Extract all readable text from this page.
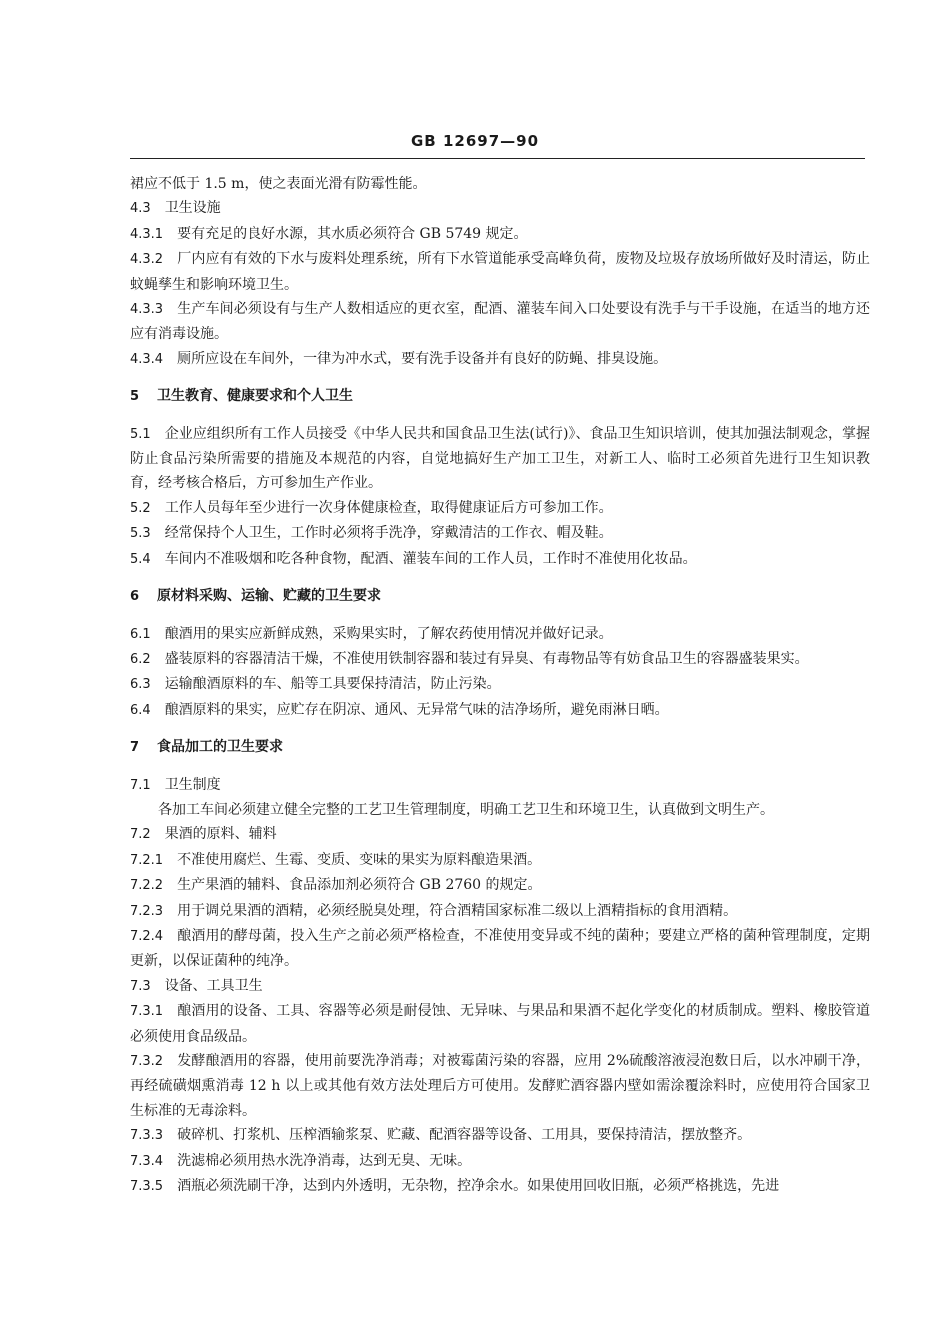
GB 12697—90
裙应不低于 1.5 m，使之表面光滑有防霉性能。
4.3 卫生设施
4.3.1 要有充足的良好水源，其水质必须符合 GB 5749 规定。
4.3.2 厂内应有有效的下水与废料处理系统，所有下水管道能承受高峰负荷，废物及垃圾存放场所做好及时清运，防止蚊蝇孳生和影响环境卫生。
4.3.3 生产车间必须设有与生产人数相适应的更衣室，配酒、灌装车间入口处要设有洗手与干手设施，在适当的地方还应有消毒设施。
4.3.4 厕所应设在车间外，一律为冲水式，要有洗手设备并有良好的防蝇、排臭设施。
5 卫生教育、健康要求和个人卫生
5.1 企业应组织所有工作人员接受《中华人民共和国食品卫生法(试行)》、食品卫生知识培训，使其加强法制观念，掌握防止食品污染所需要的措施及本规范的内容，自觉地搞好生产加工卫生，对新工人、临时工必须首先进行卫生知识教育，经考核合格后，方可参加生产作业。
5.2 工作人员每年至少进行一次身体健康检查，取得健康证后方可参加工作。
5.3 经常保持个人卫生，工作时必须将手洗净，穿戴清洁的工作衣、帽及鞋。
5.4 车间内不准吸烟和吃各种食物，配酒、灌装车间的工作人员，工作时不准使用化妆品。
6 原材料采购、运输、贮藏的卫生要求
6.1 酿酒用的果实应新鲜成熟，采购果实时，了解农药使用情况并做好记录。
6.2 盛装原料的容器清洁干燥，不准使用铁制容器和装过有异臭、有毒物品等有妨食品卫生的容器盛装果实。
6.3 运输酿酒原料的车、船等工具要保持清洁，防止污染。
6.4 酿酒原料的果实，应贮存在阴凉、通风、无异常气味的洁净场所，避免雨淋日晒。
7 食品加工的卫生要求
7.1 卫生制度
各加工车间必须建立健全完整的工艺卫生管理制度，明确工艺卫生和环境卫生，认真做到文明生产。
7.2 果酒的原料、辅料
7.2.1 不准使用腐烂、生霉、变质、变味的果实为原料酿造果酒。
7.2.2 生产果酒的辅料、食品添加剂必须符合 GB 2760 的规定。
7.2.3 用于调兑果酒的酒精，必须经脱臭处理，符合酒精国家标准二级以上酒精指标的食用酒精。
7.2.4 酿酒用的酵母菌，投入生产之前必须严格检查，不准使用变异或不纯的菌种；要建立严格的菌种管理制度，定期更新，以保证菌种的纯净。
7.3 设备、工具卫生
7.3.1 酿酒用的设备、工具、容器等必须是耐侵蚀、无异味、与果品和果酒不起化学变化的材质制成。塑料、橡胶管道必须使用食品级品。
7.3.2 发酵酿酒用的容器，使用前要洗净消毒；对被霉菌污染的容器，应用 2%硫酸溶液浸泡数日后，以水冲刷干净，再经硫磺烟熏消毒 12 h 以上或其他有效方法处理后方可使用。发酵贮酒容器内壁如需涂覆涂料时，应使用符合国家卫生标准的无毒涂料。
7.3.3 破碎机、打浆机、压榨酒输浆泵、贮藏、配酒容器等设备、工用具，要保持清洁，摆放整齐。
7.3.4 洗滤棉必须用热水洗净消毒，达到无臭、无味。
7.3.5 酒瓶必须洗刷干净，达到内外透明，无杂物，控净余水。如果使用回收旧瓶，必须严格挑选，先进
